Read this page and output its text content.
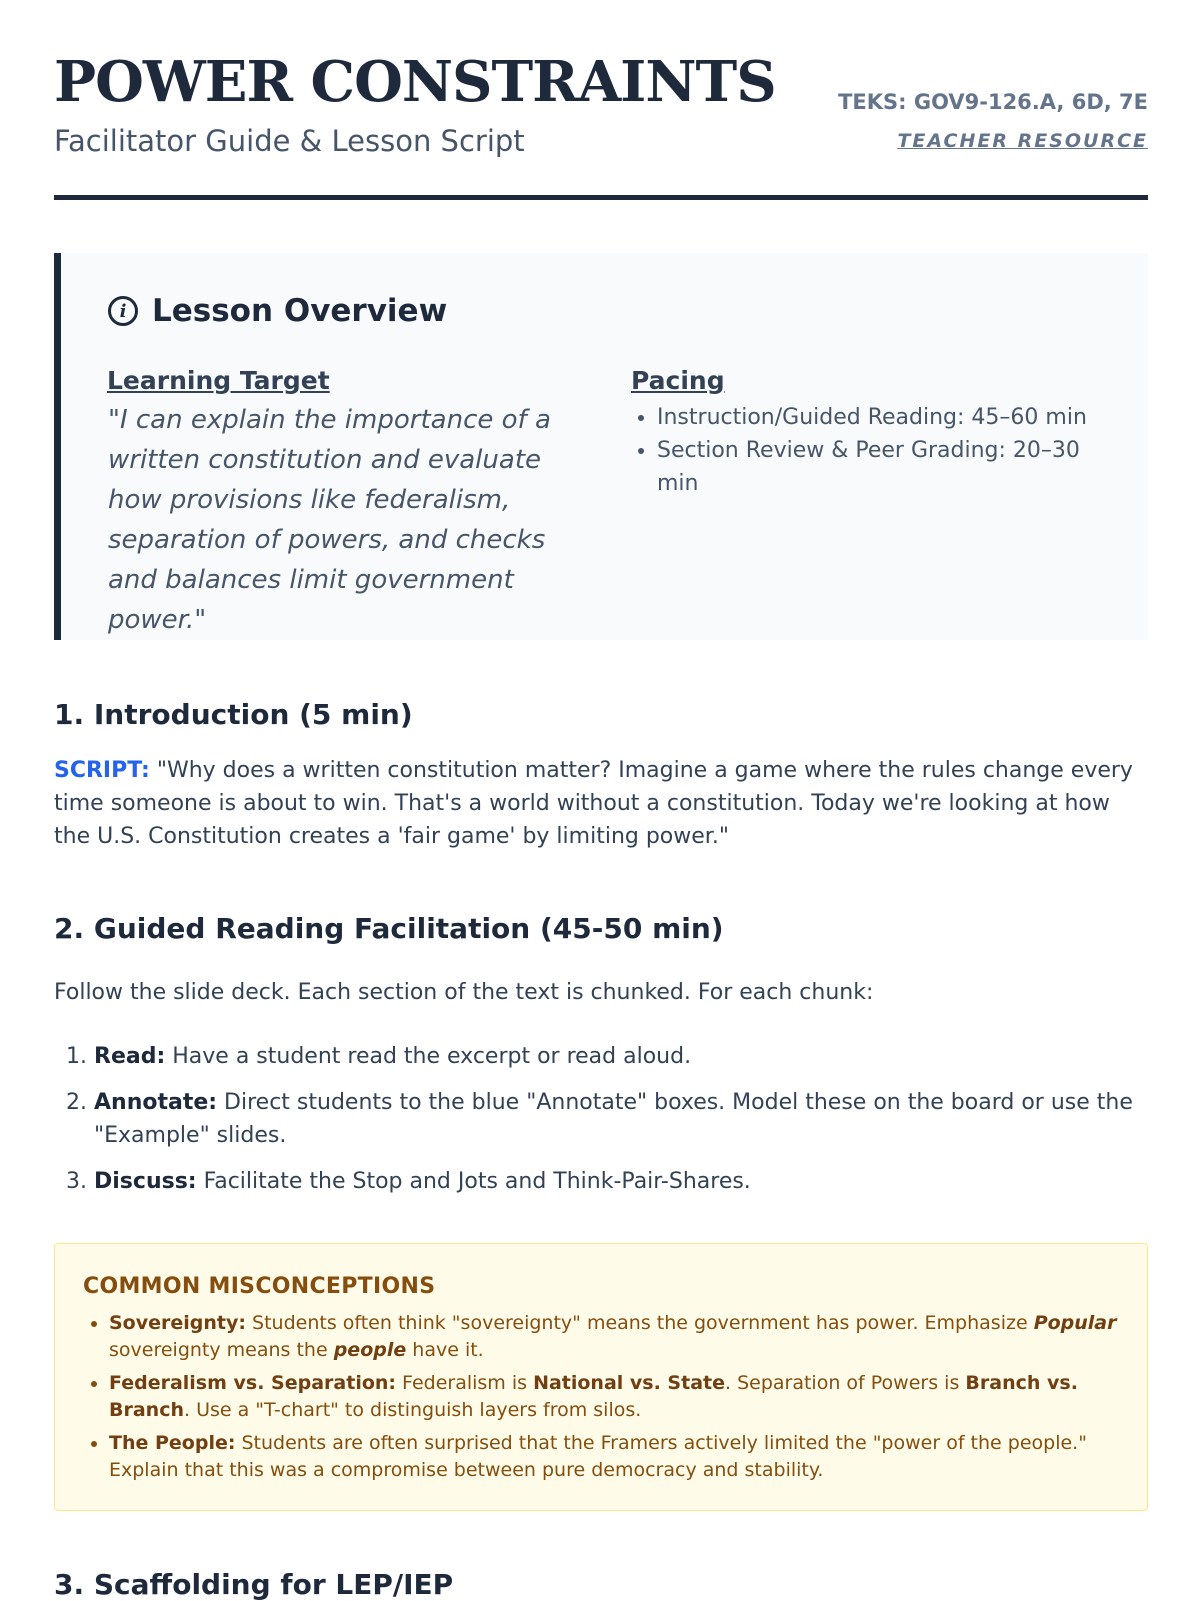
POWER CONSTRAINTS
Facilitator Guide & Lesson Script
TEKS: GOV9-126.A, 6D, 7E
TEACHER RESOURCE
i Lesson Overview
Learning Target
"I can explain the importance of a written constitution and evaluate how provisions like federalism, separation of powers, and checks and balances limit government power."
Pacing
• Instruction/Guided Reading: 45–60 min
• Section Review & Peer Grading: 20–30 min
1. Introduction (5 min)

SCRIPT: "Why does a written constitution matter? Imagine a game where the rules change every time someone is about to win. That's a world without a constitution. Today we're looking at how the U.S. Constitution creates a 'fair game' by limiting power."

2. Guided Reading Facilitation (45-50 min)

Follow the slide deck. Each section of the text is chunked. For each chunk:

1. Read: Have a student read the excerpt or read aloud.
2. Annotate: Direct students to the blue "Annotate" boxes. Model these on the board or use the "Example" slides.
3. Discuss: Facilitate the Stop and Jots and Think-Pair-Shares.
COMMON MISCONCEPTIONS
• Sovereignty: Students often think "sovereignty" means the government has power. Emphasize Popular sovereignty means the people have it.
• Federalism vs. Separation: Federalism is National vs. State. Separation of Powers is Branch vs. Branch. Use a "T-chart" to distinguish layers from silos.
• The People: Students are often surprised that the Framers actively limited the "power of the people." Explain that this was a compromise between pure democracy and stability.
3. Scaffolding for LEP/IEP
